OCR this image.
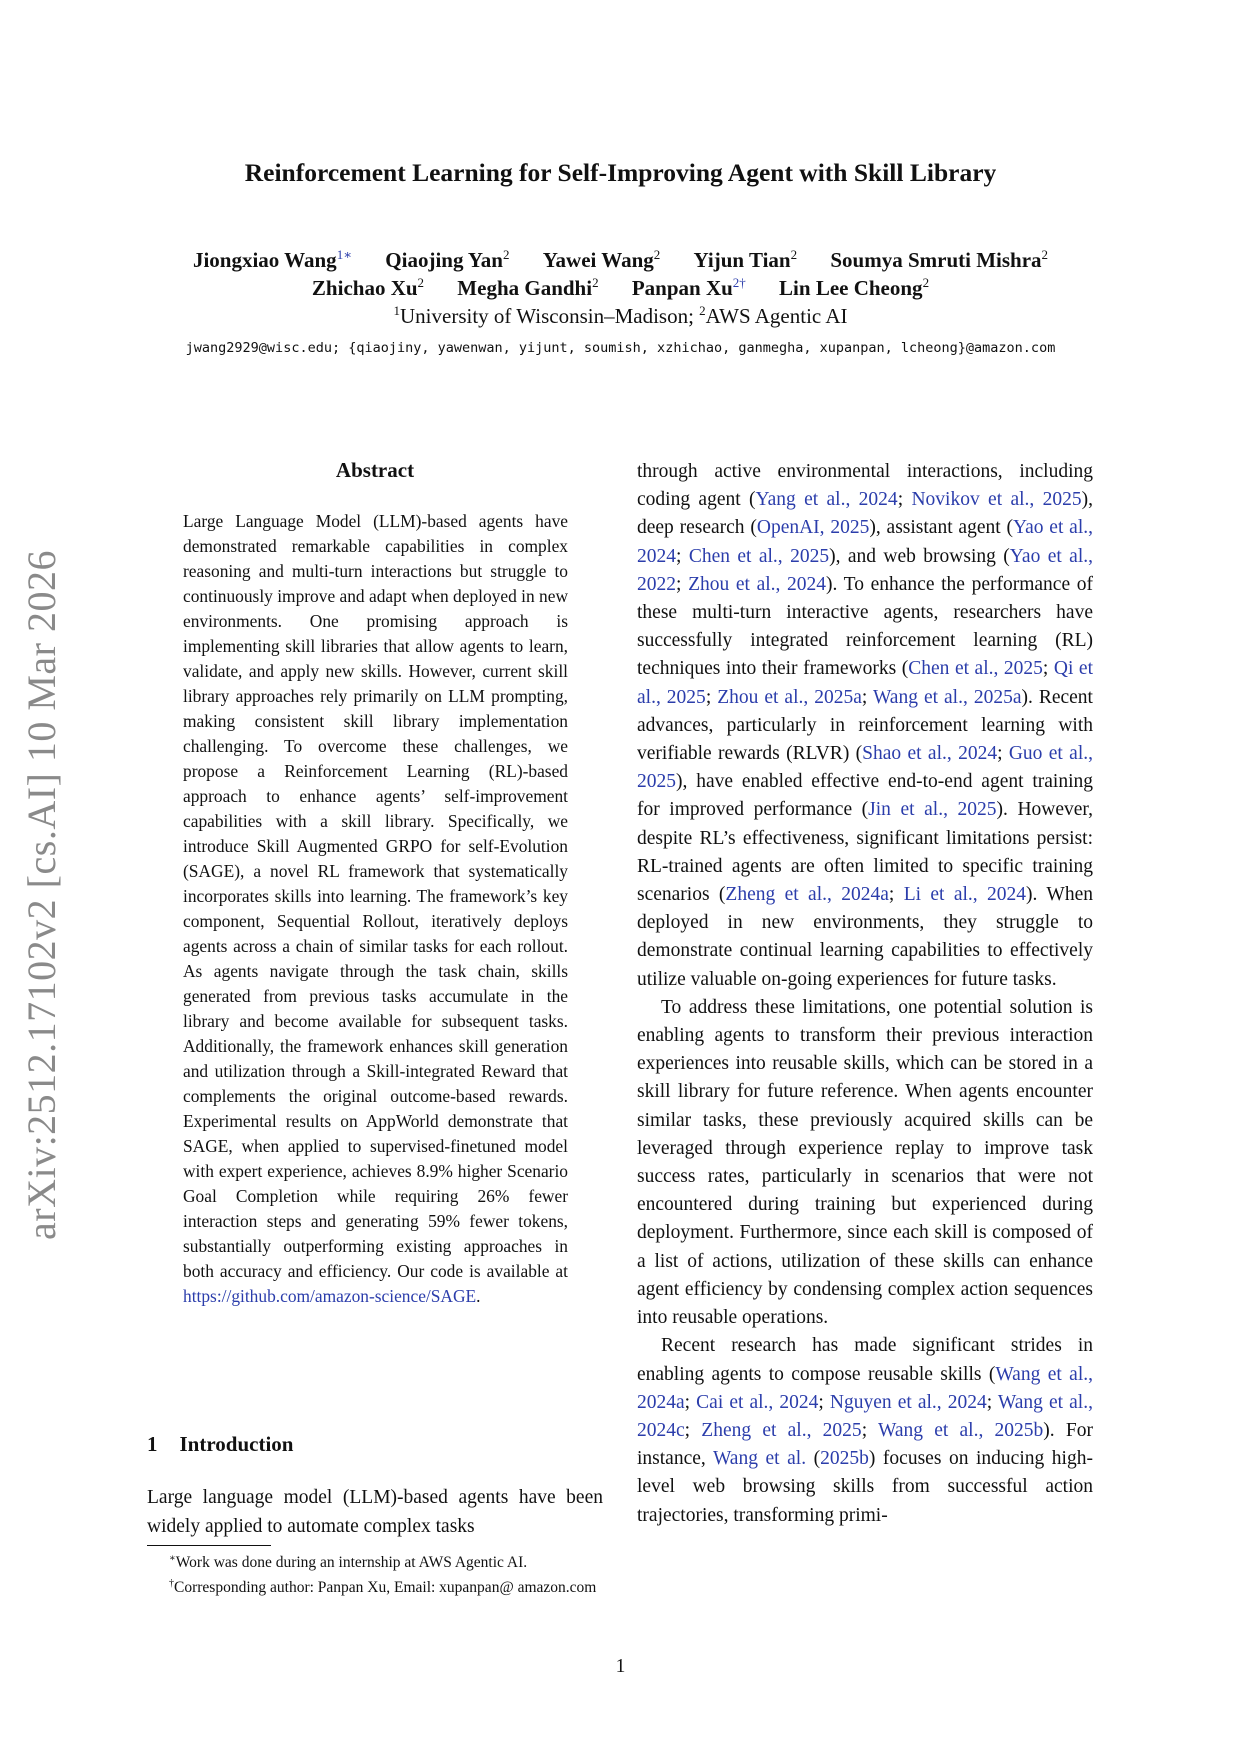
arXiv:2512.17102v2 [cs.AI] 10 Mar 2026
Reinforcement Learning for Self-Improving Agent with Skill Library
Jiongxiao Wang$^{1∗}$ Qiaojing Yan$^2$ Yawei Wang$^2$ Yijun Tian$^2$ Soumya Smruti Mishra$^2$
Zhichao Xu$^2$ Megha Gandhi$^2$ Panpan $Xu^{2\dagger}$ Lin Lee Cheong$^2$
$^1$University of Wisconsin–Madison; $^2$AWS Agentic AI
jwang2929@wisc.edu; {qiaojiny, yawenwan, yijunt, soumish, xzhichao, ganmegha, xupanpan, lcheong}@amazon.com
Abstract

Large Language Model (LLM)-based agents have demonstrated remarkable capabilities in complex reasoning and multi-turn interactions but struggle to continuously improve and adapt when deployed in new environments. One promising approach is implementing skill libraries that allow agents to learn, validate, and apply new skills. However, current skill library approaches rely primarily on LLM prompting, making consistent skill library implementation challenging. To overcome these challenges, we propose a Reinforcement Learning (RL)-based approach to enhance agents’ self-improvement capabilities with a skill library. Specifically, we introduce Skill Augmented GRPO for self-Evolution (SAGE), a novel RL framework that systematically incorporates skills into learning. The framework’s key component, Sequential Rollout, iteratively deploys agents across a chain of similar tasks for each rollout. As agents navigate through the task chain, skills generated from previous tasks accumulate in the library and become available for subsequent tasks. Additionally, the framework enhances skill generation and utilization through a Skill-integrated Reward that complements the original outcome-based rewards. Experimental results on AppWorld demonstrate that SAGE, when applied to supervised-finetuned model with expert experience, achieves 8.9% higher Scenario Goal Completion while requiring 26% fewer interaction steps and generating 59% fewer tokens, substantially outperforming existing approaches in both accuracy and efficiency. Our code is available at https://github.com/amazon-science/SAGE.

1 Introduction

Large language model (LLM)-based agents have been widely applied to automate complex tasks

∗Work was done during an internship at AWS Agentic AI.

†Corresponding author: Panpan Xu, Email: xupanpan@ amazon.com

through active environmental interactions, including coding agent (Yang et al., 2024; Novikov et al., 2025), deep research (OpenAI, 2025), assistant agent (Yao et al., 2024; Chen et al., 2025), and web browsing (Yao et al., 2022; Zhou et al., 2024). To enhance the performance of these multi-turn interactive agents, researchers have successfully integrated reinforcement learning (RL) techniques into their frameworks (Chen et al., 2025; Qi et al., 2025; Zhou et al., 2025a; Wang et al., 2025a). Recent advances, particularly in reinforcement learning with verifiable rewards (RLVR) (Shao et al., 2024; Guo et al., 2025), have enabled effective end-to-end agent training for improved performance (Jin et al., 2025). However, despite RL’s effectiveness, significant limitations persist: RL-trained agents are often limited to specific training scenarios (Zheng et al., 2024a; Li et al., 2024). When deployed in new environments, they struggle to demonstrate continual learning capabilities to effectively utilize valuable on-going experiences for future tasks.

To address these limitations, one potential solution is enabling agents to transform their previous interaction experiences into reusable skills, which can be stored in a skill library for future reference. When agents encounter similar tasks, these previously acquired skills can be leveraged through experience replay to improve task success rates, particularly in scenarios that were not encountered during training but experienced during deployment. Furthermore, since each skill is composed of a list of actions, utilization of these skills can enhance agent efficiency by condensing complex action sequences into reusable operations.

Recent research has made significant strides in enabling agents to compose reusable skills (Wang et al., 2024a; Cai et al., 2024; Nguyen et al., 2024; Wang et al., 2024c; Zheng et al., 2025; Wang et al., 2025b). For instance, Wang et al. (2025b) focuses on inducing high-level web browsing skills from successful action trajectories, transforming primi-

1
